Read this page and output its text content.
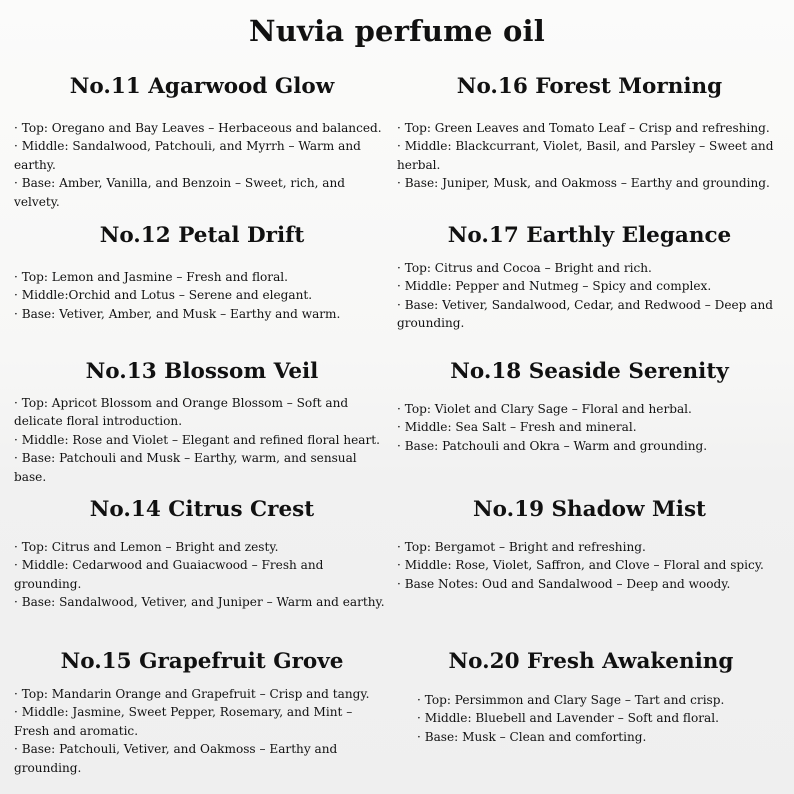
Nuvia perfume oil
No.11 Agarwood Glow
· Top: Oregano and Bay Leaves – Herbaceous and balanced.
· Middle: Sandalwood, Patchouli, and Myrrh – Warm and earthy.
· Base: Amber, Vanilla, and Benzoin – Sweet, rich, and velvety.
No.16 Forest Morning
· Top: Green Leaves and Tomato Leaf – Crisp and refreshing.
· Middle: Blackcurrant, Violet, Basil, and Parsley – Sweet and herbal.
· Base: Juniper, Musk, and Oakmoss – Earthy and grounding.
No.12 Petal Drift
· Top: Lemon and Jasmine – Fresh and floral.
· Middle:Orchid and Lotus – Serene and elegant.
· Base: Vetiver, Amber, and Musk – Earthy and warm.
No.17 Earthly Elegance
· Top: Citrus and Cocoa – Bright and rich.
· Middle: Pepper and Nutmeg – Spicy and complex.
· Base: Vetiver, Sandalwood, Cedar, and Redwood – Deep and grounding.
No.13 Blossom Veil
· Top: Apricot Blossom and Orange Blossom – Soft and delicate floral introduction.
· Middle: Rose and Violet – Elegant and refined floral heart.
· Base: Patchouli and Musk – Earthy, warm, and sensual base.
No.18 Seaside Serenity
· Top: Violet and Clary Sage – Floral and herbal.
· Middle: Sea Salt – Fresh and mineral.
· Base: Patchouli and Okra – Warm and grounding.
No.14 Citrus Crest
· Top: Citrus and Lemon – Bright and zesty.
· Middle: Cedarwood and Guaiacwood – Fresh and grounding.
· Base: Sandalwood, Vetiver, and Juniper – Warm and earthy.
No.19 Shadow Mist
· Top: Bergamot – Bright and refreshing.
· Middle: Rose, Violet, Saffron, and Clove – Floral and spicy.
· Base Notes: Oud and Sandalwood – Deep and woody.
No.15 Grapefruit Grove
· Top: Mandarin Orange and Grapefruit – Crisp and tangy.
· Middle: Jasmine, Sweet Pepper, Rosemary, and Mint – Fresh and aromatic.
· Base: Patchouli, Vetiver, and Oakmoss – Earthy and grounding.
No.20 Fresh Awakening
· Top: Persimmon and Clary Sage – Tart and crisp.
· Middle: Bluebell and Lavender – Soft and floral.
· Base: Musk – Clean and comforting.
